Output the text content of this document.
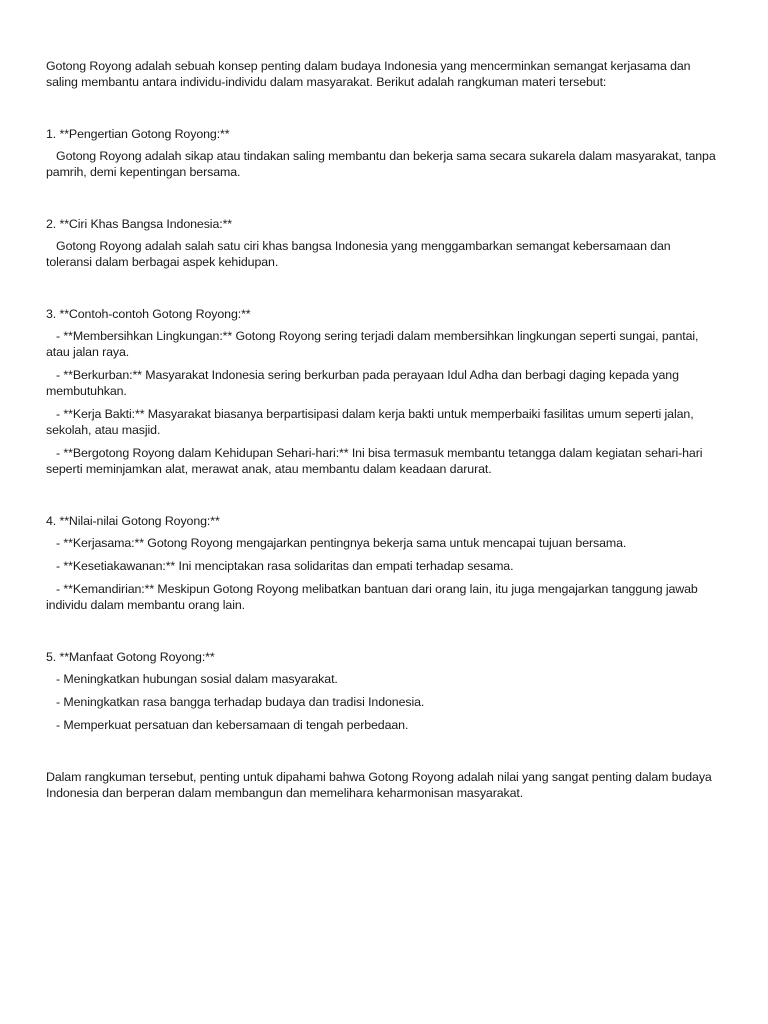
Gotong Royong adalah sebuah konsep penting dalam budaya Indonesia yang mencerminkan semangat kerjasama dan saling membantu antara individu-individu dalam masyarakat. Berikut adalah rangkuman materi tersebut:

1. **Pengertian Gotong Royong:**

Gotong Royong adalah sikap atau tindakan saling membantu dan bekerja sama secara sukarela dalam masyarakat, tanpa pamrih, demi kepentingan bersama.

2. **Ciri Khas Bangsa Indonesia:**

Gotong Royong adalah salah satu ciri khas bangsa Indonesia yang menggambarkan semangat kebersamaan dan toleransi dalam berbagai aspek kehidupan.

3. **Contoh-contoh Gotong Royong:**

- **Membersihkan Lingkungan:** Gotong Royong sering terjadi dalam membersihkan lingkungan seperti sungai, pantai, atau jalan raya.

- **Berkurban:** Masyarakat Indonesia sering berkurban pada perayaan Idul Adha dan berbagi daging kepada yang membutuhkan.

- **Kerja Bakti:** Masyarakat biasanya berpartisipasi dalam kerja bakti untuk memperbaiki fasilitas umum seperti jalan, sekolah, atau masjid.

- **Bergotong Royong dalam Kehidupan Sehari-hari:** Ini bisa termasuk membantu tetangga dalam kegiatan sehari-hari seperti meminjamkan alat, merawat anak, atau membantu dalam keadaan darurat.

4. **Nilai-nilai Gotong Royong:**

- **Kerjasama:** Gotong Royong mengajarkan pentingnya bekerja sama untuk mencapai tujuan bersama.

- **Kesetiakawanan:** Ini menciptakan rasa solidaritas dan empati terhadap sesama.

- **Kemandirian:** Meskipun Gotong Royong melibatkan bantuan dari orang lain, itu juga mengajarkan tanggung jawab individu dalam membantu orang lain.

5. **Manfaat Gotong Royong:**

- Meningkatkan hubungan sosial dalam masyarakat.

- Meningkatkan rasa bangga terhadap budaya dan tradisi Indonesia.

- Memperkuat persatuan dan kebersamaan di tengah perbedaan.

Dalam rangkuman tersebut, penting untuk dipahami bahwa Gotong Royong adalah nilai yang sangat penting dalam budaya Indonesia dan berperan dalam membangun dan memelihara keharmonisan masyarakat.
